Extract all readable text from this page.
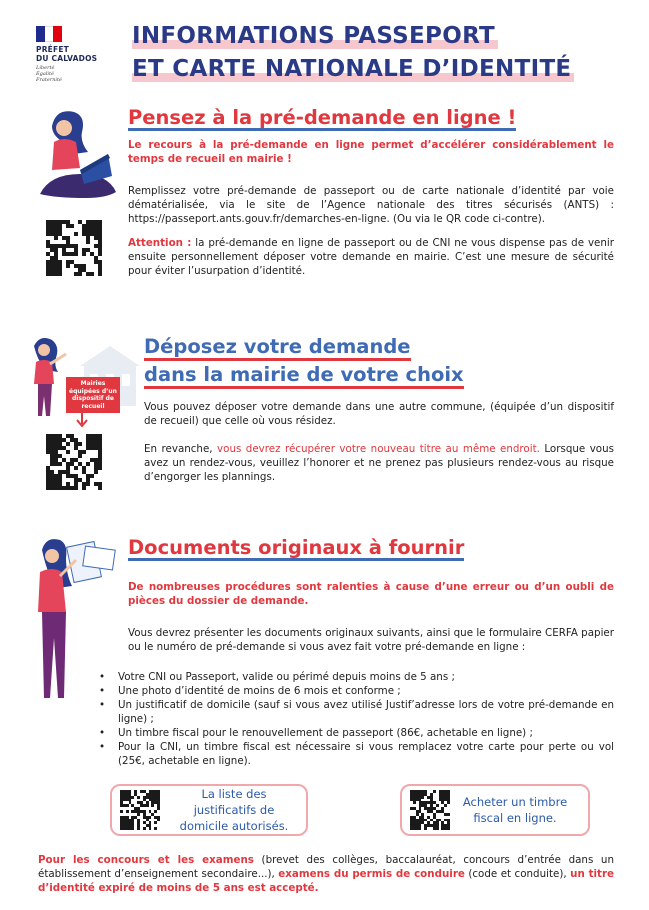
PRÉFET
DU CALVADOS
Liberté
Égalité
Fraternité
INFORMATIONS PASSEPORT
ET CARTE NATIONALE D’IDENTITÉ
Pensez à la pré-demande en ligne !
Le recours à la pré-demande en ligne permet d’accélérer considérablement le temps de recueil en mairie !
Remplissez votre pré-demande de passeport ou de carte nationale d’identité par voie dématérialisée, via le site de l’Agence nationale des titres sécurisés (ANTS) : https://passeport.ants.gouv.fr/demarches-en-ligne. (Ou via le QR code ci-contre).
Attention : la pré-demande en ligne de passeport ou de CNI ne vous dispense pas de venir ensuite personnellement déposer votre demande en mairie. C’est une mesure de sécurité pour éviter l’usurpation d’identité.
Mairies équipées d’un dispositif de recueil
Déposez votre demande
dans la mairie de votre choix
Vous pouvez déposer votre demande dans une autre commune, (équipée d’un dispositif de recueil) que celle où vous résidez.
En revanche, vous devrez récupérer votre nouveau titre au même endroit. Lorsque vous avez un rendez-vous, veuillez l’honorer et ne prenez pas plusieurs rendez-vous au risque d’engorger les plannings.
Documents originaux à fournir
De nombreuses procédures sont ralenties à cause d’une erreur ou d’un oubli de pièces du dossier de demande.
Vous devrez présenter les documents originaux suivants, ainsi que le formulaire CERFA papier ou le numéro de pré-demande si vous avez fait votre pré-demande en ligne :
• Votre CNI ou Passeport, valide ou périmé depuis moins de 5 ans ;
• Une photo d’identité de moins de 6 mois et conforme ;
• Un justificatif de domicile (sauf si vous avez utilisé Justif’adresse lors de votre pré-demande en ligne) ;
• Un timbre fiscal pour le renouvellement de passeport (86€, achetable en ligne) ;
• Pour la CNI, un timbre fiscal est nécessaire si vous remplacez votre carte pour perte ou vol (25€, achetable en ligne).
La liste des justificatifs de domicile autorisés.
Acheter un timbre fiscal en ligne.
Pour les concours et les examens (brevet des collèges, baccalauréat, concours d’entrée dans un établissement d’enseignement secondaire...), examens du permis de conduire (code et conduite), un titre d’identité expiré de moins de 5 ans est accepté.
